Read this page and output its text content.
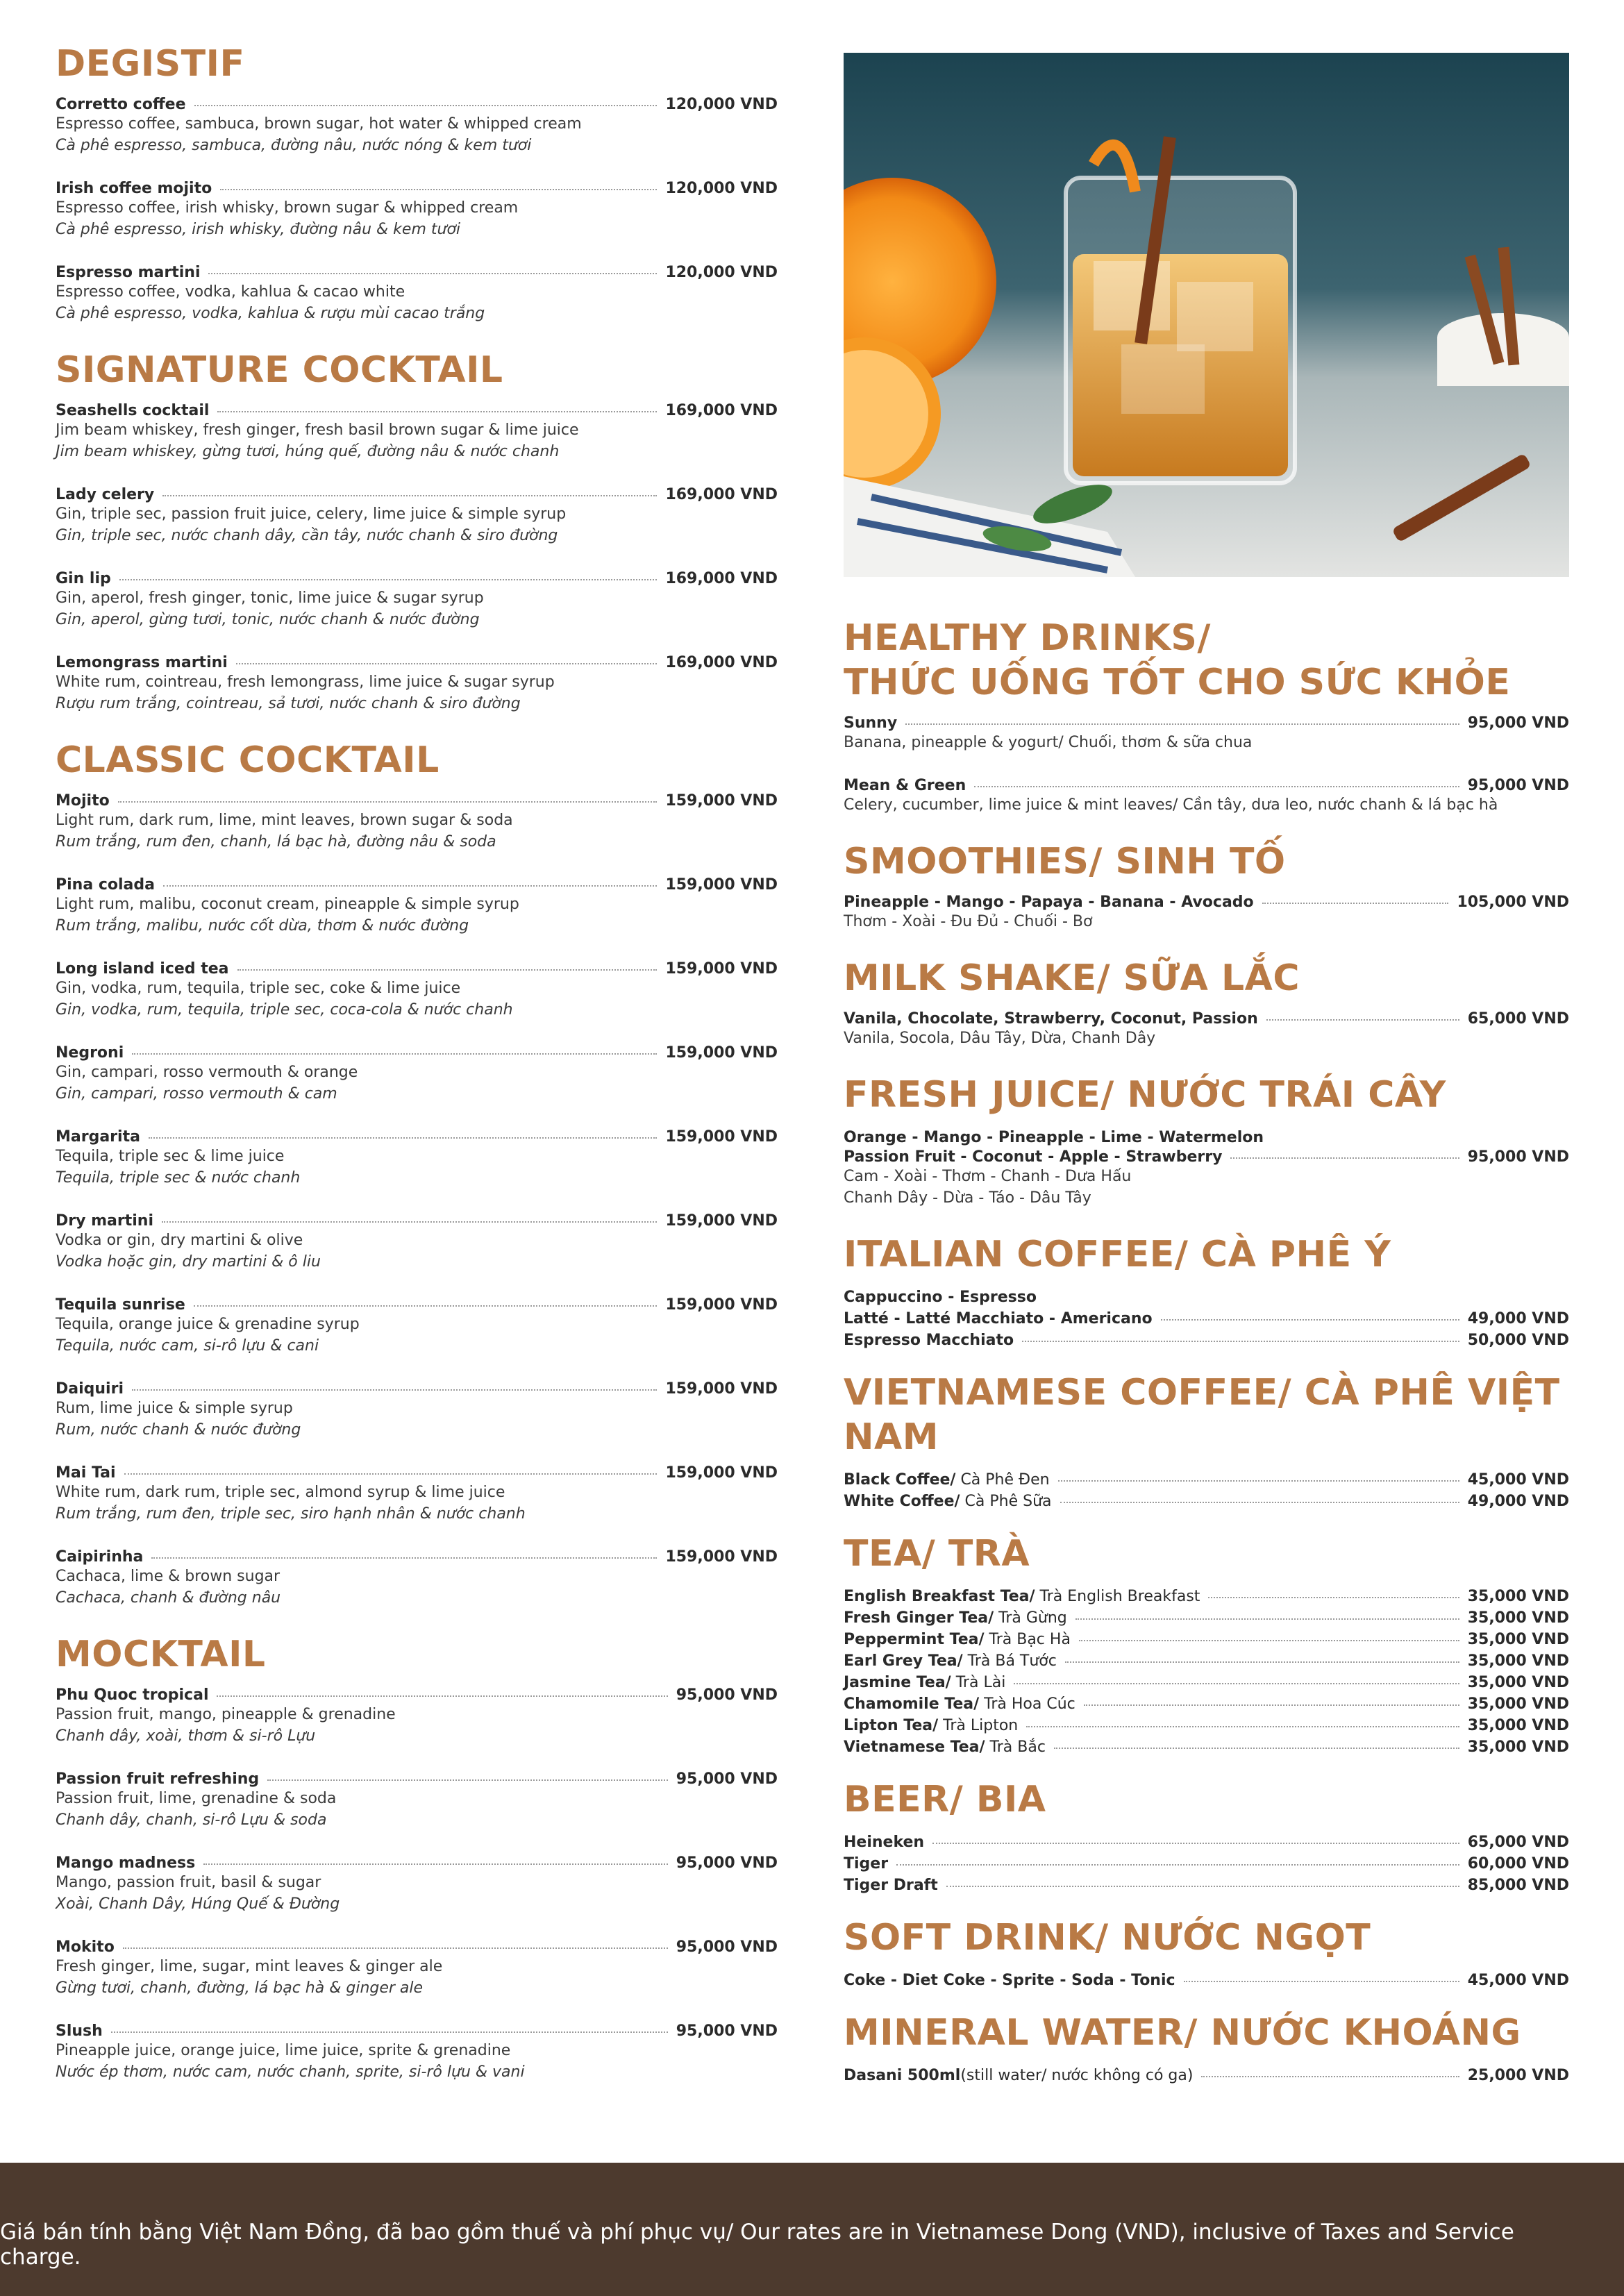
DEGISTIF
Corretto coffee	120,000 VND
Espresso coffee, sambuca, brown sugar, hot water & whipped cream
Cà phê espresso, sambuca, đường nâu, nước nóng & kem tươi
Irish coffee mojito	120,000 VND
Espresso coffee, irish whisky, brown sugar & whipped cream
Cà phê espresso, irish whisky, đường nâu & kem tươi
Espresso martini	120,000 VND
Espresso coffee, vodka, kahlua & cacao white
Cà phê espresso, vodka, kahlua & rượu mùi cacao trắng
SIGNATURE COCKTAIL
Seashells cocktail	169,000 VND
Jim beam whiskey, fresh ginger, fresh basil brown sugar & lime juice
Jim beam whiskey, gừng tươi, húng quế, đường nâu & nước chanh
Lady celery	169,000 VND
Gin, triple sec, passion fruit juice, celery, lime juice & simple syrup
Gin, triple sec, nước chanh dây, cần tây, nước chanh & siro đường
Gin lip	169,000 VND
Gin, aperol, fresh ginger, tonic, lime juice & sugar syrup
Gin, aperol, gừng tươi, tonic, nước chanh & nước đường
Lemongrass martini	169,000 VND
White rum, cointreau, fresh lemongrass, lime juice & sugar syrup
Rượu rum trắng, cointreau, sả tươi, nước chanh & siro đường
CLASSIC COCKTAIL
Mojito	159,000 VND
Light rum, dark rum, lime, mint leaves, brown sugar & soda
Rum trắng, rum đen, chanh, lá bạc hà, đường nâu & soda
Pina colada	159,000 VND
Light rum, malibu, coconut cream, pineapple & simple syrup
Rum trắng, malibu, nước cốt dừa, thơm & nước đường
Long island iced tea	159,000 VND
Gin, vodka, rum, tequila, triple sec, coke & lime juice
Gin, vodka, rum, tequila, triple sec, coca-cola & nước chanh
Negroni	159,000 VND
Gin, campari, rosso vermouth & orange
Gin, campari, rosso vermouth & cam
Margarita	159,000 VND
Tequila, triple sec & lime juice
Tequila, triple sec & nước chanh
Dry martini	159,000 VND
Vodka or gin, dry martini & olive
Vodka hoặc gin, dry martini & ô liu
Tequila sunrise	159,000 VND
Tequila, orange juice & grenadine syrup
Tequila, nước cam, si-rô lựu & cani
Daiquiri	159,000 VND
Rum, lime juice & simple syrup
Rum, nước chanh & nước đường
Mai Tai	159,000 VND
White rum, dark rum, triple sec, almond syrup & lime juice
Rum trắng, rum đen, triple sec, siro hạnh nhân & nước chanh
Caipirinha	159,000 VND
Cachaca, lime & brown sugar
Cachaca, chanh & đường nâu
MOCKTAIL
Phu Quoc tropical	95,000 VND
Passion fruit, mango, pineapple & grenadine
Chanh dây, xoài, thơm & si-rô Lựu
Passion fruit refreshing	95,000 VND
Passion fruit, lime, grenadine & soda
Chanh dây, chanh, si-rô Lựu & soda
Mango madness	95,000 VND
Mango, passion fruit, basil & sugar
Xoài, Chanh Dây, Húng Quế & Đường
Mokito	95,000 VND
Fresh ginger, lime, sugar, mint leaves & ginger ale
Gừng tươi, chanh, đường, lá bạc hà & ginger ale
Slush	95,000 VND
Pineapple juice, orange juice, lime juice, sprite & grenadine
Nước ép thơm, nước cam, nước chanh, sprite, si-rô lựu & vani
HEALTHY DRINKS/
THỨC UỐNG TỐT CHO SỨC KHỎE
Sunny	95,000 VND
Banana, pineapple & yogurt/ Chuối, thơm & sữa chua
Mean & Green	95,000 VND
Celery, cucumber, lime juice & mint leaves/ Cần tây, dưa leo, nước chanh & lá bạc hà
SMOOTHIES/ SINH TỐ
Pineapple - Mango - Papaya - Banana - Avocado	105,000 VND
Thơm - Xoài - Đu Đủ - Chuối - Bơ
MILK SHAKE/ SỮA LẮC
Vanila, Chocolate, Strawberry, Coconut, Passion	65,000 VND
Vanila, Socola, Dâu Tây, Dừa, Chanh Dây
FRESH JUICE/ NƯỚC TRÁI CÂY
Orange - Mango - Pineapple - Lime - Watermelon
Passion Fruit - Coconut - Apple - Strawberry	95,000 VND
Cam - Xoài - Thơm - Chanh - Dưa Hấu
Chanh Dây - Dừa - Táo - Dâu Tây
ITALIAN COFFEE/ CÀ PHÊ Ý
Cappuccino - Espresso
Latté - Latté Macchiato - Americano	49,000 VND
Espresso Macchiato	50,000 VND
VIETNAMESE COFFEE/ CÀ PHÊ VIỆT NAM
Black Coffee/ Cà Phê Đen	45,000 VND
White Coffee/ Cà Phê Sữa	49,000 VND
TEA/ TRÀ
English Breakfast Tea/ Trà English Breakfast	35,000 VND
Fresh Ginger Tea/ Trà Gừng	35,000 VND
Peppermint Tea/ Trà Bạc Hà	35,000 VND
Earl Grey Tea/ Trà Bá Tước	35,000 VND
Jasmine Tea/ Trà Lài	35,000 VND
Chamomile Tea/ Trà Hoa Cúc	35,000 VND
Lipton Tea/ Trà Lipton	35,000 VND
Vietnamese Tea/ Trà Bắc	35,000 VND
BEER/ BIA
Heineken	65,000 VND
Tiger	60,000 VND
Tiger Draft	85,000 VND
SOFT DRINK/ NƯỚC NGỌT
Coke - Diet Coke - Sprite - Soda - Tonic	45,000 VND
MINERAL WATER/ NƯỚC KHOÁNG
Dasani 500ml(still water/ nước không có ga)	25,000 VND
Giá bán tính bằng Việt Nam Đồng, đã bao gồm thuế và phí phục vụ/ Our rates are in Vietnamese Dong (VND), inclusive of Taxes and Service charge.
